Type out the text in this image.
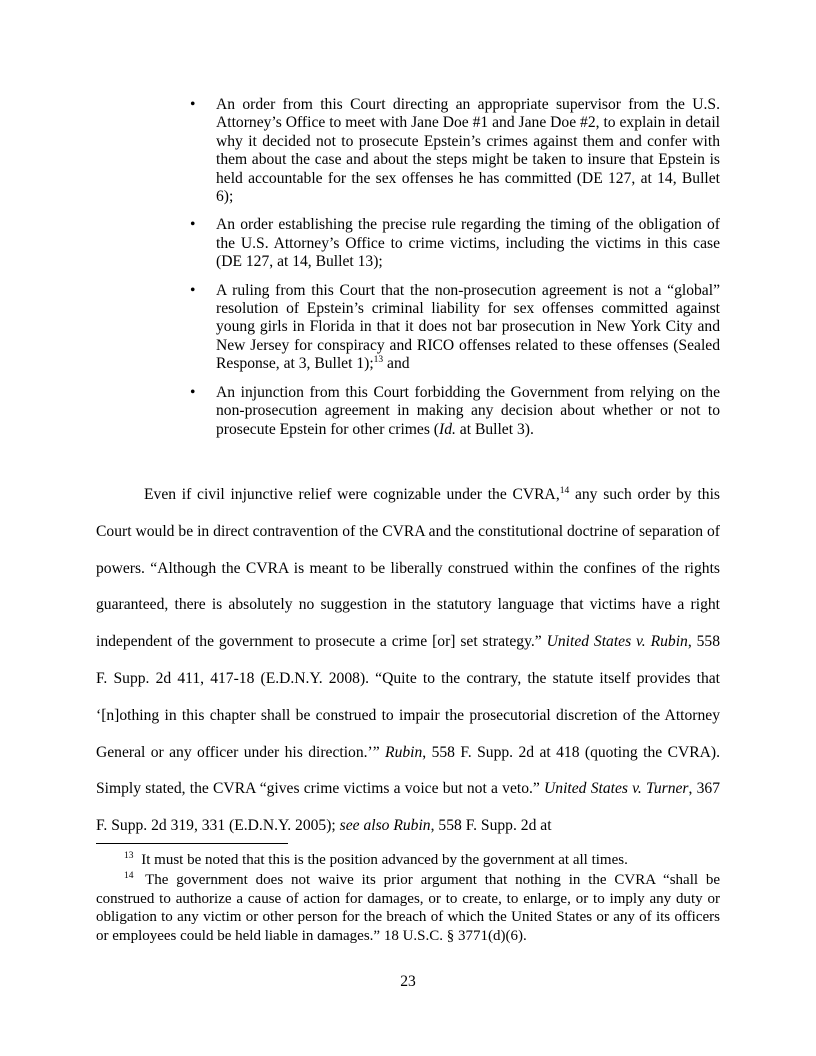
• An order from this Court directing an appropriate supervisor from the U.S. Attorney’s Office to meet with Jane Doe #1 and Jane Doe #2, to explain in detail why it decided not to prosecute Epstein’s crimes against them and confer with them about the case and about the steps might be taken to insure that Epstein is held accountable for the sex offenses he has committed (DE 127, at 14, Bullet 6);
• An order establishing the precise rule regarding the timing of the obligation of the U.S. Attorney’s Office to crime victims, including the victims in this case (DE 127, at 14, Bullet 13);
• A ruling from this Court that the non-prosecution agreement is not a “global” resolution of Epstein’s criminal liability for sex offenses committed against young girls in Florida in that it does not bar prosecution in New York City and New Jersey for conspiracy and RICO offenses related to these offenses (Sealed Response, at 3, Bullet 1);$^{13}$ and
• An injunction from this Court forbidding the Government from relying on the non-prosecution agreement in making any decision about whether or not to prosecute Epstein for other crimes (Id. at Bullet 3).

Even if civil injunctive relief were cognizable under the CVRA,$^{14}$ any such order by this Court would be in direct contravention of the CVRA and the constitutional doctrine of separation of powers. “Although the CVRA is meant to be liberally construed within the confines of the rights guaranteed, there is absolutely no suggestion in the statutory language that victims have a right independent of the government to prosecute a crime [or] set strategy.” United States v. Rubin, 558 F. Supp. 2d 411, 417-18 (E.D.N.Y. 2008). “Quite to the contrary, the statute itself provides that ‘[n]othing in this chapter shall be construed to impair the prosecutorial discretion of the Attorney General or any officer under his direction.’” Rubin, 558 F. Supp. 2d at 418 (quoting the CVRA). Simply stated, the CVRA “gives crime victims a voice but not a veto.” United States v. Turner, 367 F. Supp. 2d 319, 331 (E.D.N.Y. 2005); see also Rubin, 558 F. Supp. 2d at

$^{13}$ It must be noted that this is the position advanced by the government at all times.

$^{14}$ The government does not waive its prior argument that nothing in the CVRA “shall be construed to authorize a cause of action for damages, or to create, to enlarge, or to imply any duty or obligation to any victim or other person for the breach of which the United States or any of its officers or employees could be held liable in damages.” 18 U.S.C. § 3771(d)(6).

23
